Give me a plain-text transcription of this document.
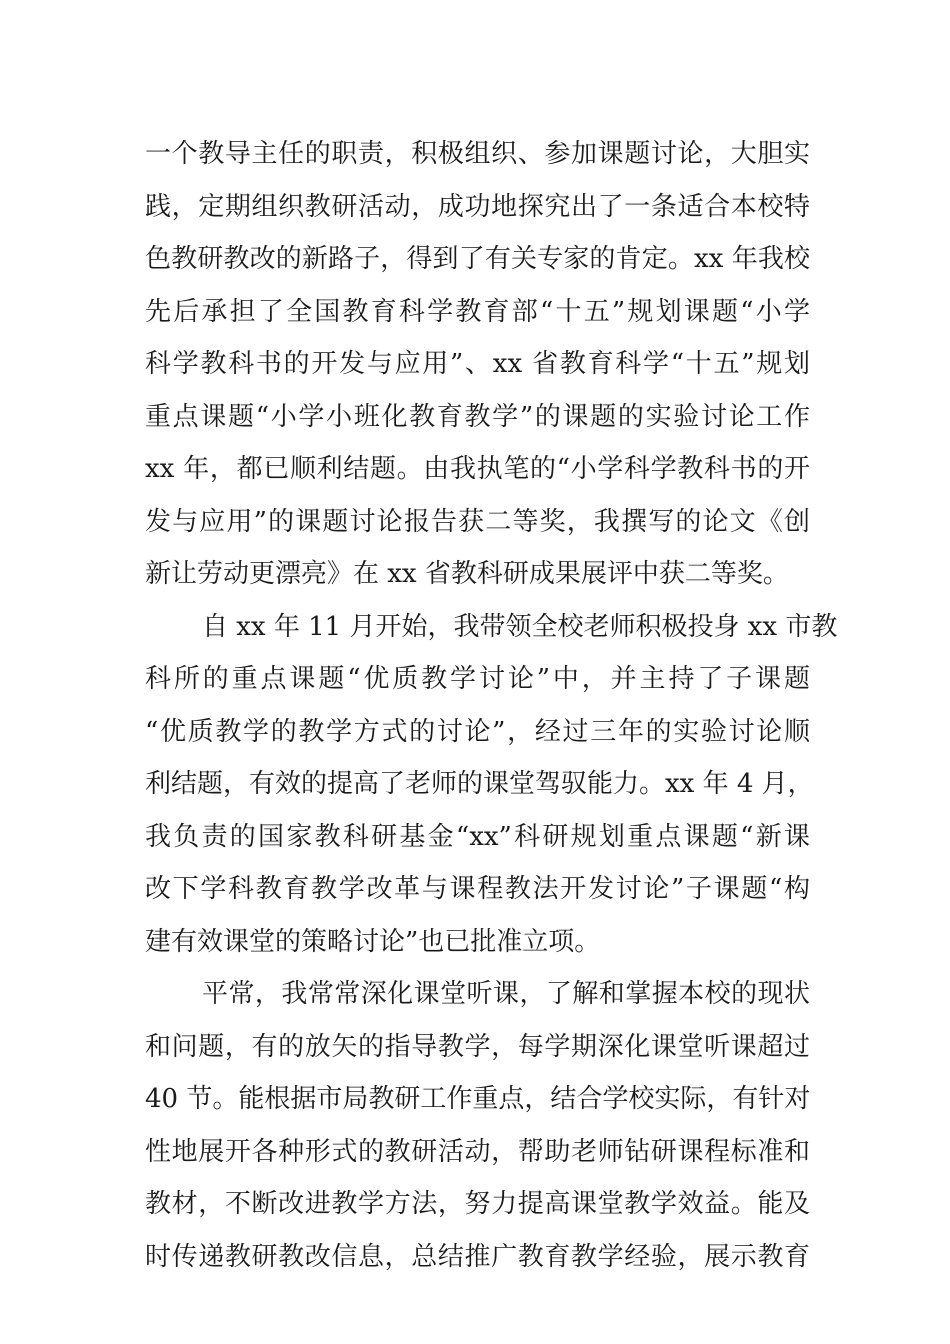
一个教导主任的职责，积极组织、参加课题讨论，大胆实
践，定期组织教研活动，成功地探究出了一条适合本校特
色教研教改的新路子，得到了有关专家的肯定。xx 年我校
先后承担了全国教育科学教育部“十五”规划课题“小学
科学教科书的开发与应用”、xx 省教育科学“十五”规划
重点课题“小学小班化教育教学”的课题的实验讨论工作
xx 年，都已顺利结题。由我执笔的“小学科学教科书的开
发与应用”的课题讨论报告获二等奖，我撰写的论文《创
新让劳动更漂亮》在 xx 省教科研成果展评中获二等奖。
自 xx 年 11 月开始，我带领全校老师积极投身 xx 市教
科所的重点课题“优质教学讨论”中，并主持了子课题
“优质教学的教学方式的讨论”，经过三年的实验讨论顺
利结题，有效的提高了老师的课堂驾驭能力。xx 年 4 月，
我负责的国家教科研基金“xx”科研规划重点课题“新课
改下学科教育教学改革与课程教法开发讨论”子课题“构
建有效课堂的策略讨论”也已批准立项。
平常，我常常深化课堂听课，了解和掌握本校的现状
和问题，有的放矢的指导教学，每学期深化课堂听课超过
40 节。能根据市局教研工作重点，结合学校实际，有针对
性地展开各种形式的教研活动，帮助老师钻研课程标准和
教材，不断改进教学方法，努力提高课堂教学效益。能及
时传递教研教改信息，总结推广教育教学经验，展示教育
